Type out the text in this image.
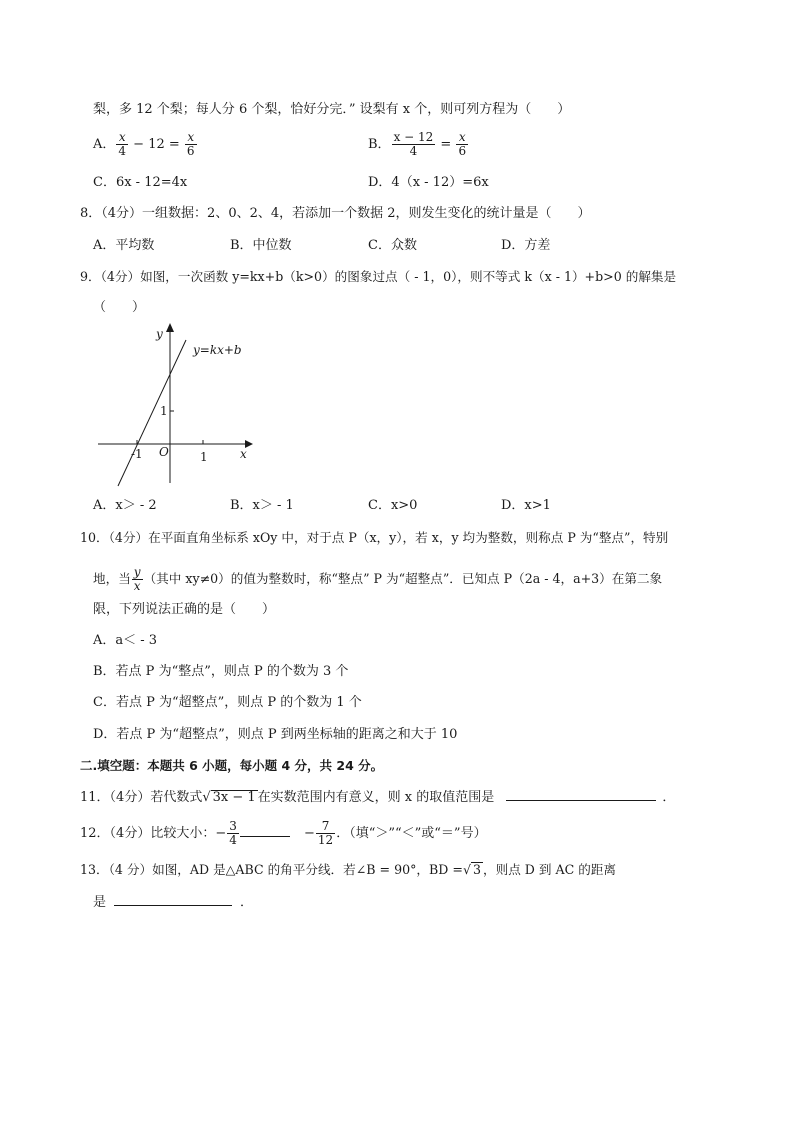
梨，多 12 个梨；每人分 6 个梨，恰好分完．” 设梨有 x 个，则可列方程为（　　）
A． $\frac{x}{4} - 12 = \frac{x}{6}$	B． $\frac{x - 12}{4} = \frac{x}{6}$
C．6x - 12=4x	D．4（x - 12）=6x
8．（4分）一组数据：2、0、2、4，若添加一个数据 2，则发生变化的统计量是（　　）
A．平均数	B．中位数	C．众数	D．方差
9．（4分）如图，一次函数 y=kx+b（k>0）的图象过点（ - 1，0），则不等式 k（x - 1）+b>0 的解集是
（　　）
y=kx+b
y
x
O	1
-1
1
A．x＞ - 2	B．x＞ - 1	C．x>0	D．x>1
10．（4分）在平面直角坐标系 xOy 中，对于点 P（x，y），若 x，y 均为整数，则称点 P 为“整点”，特别
地，当 $\frac{y}{x}$ （其中 xy≠0）的值为整数时，称“整点” P 为“超整点”．已知点 P（2a - 4，a+3）在第二象
限，下列说法正确的是（　　）
A．a＜ - 3
B．若点 P 为“整点”，则点 P 的个数为 3 个
C．若点 P 为“超整点”，则点 P 的个数为 1 个
D．若点 P 为“超整点”，则点 P 到两坐标轴的距离之和大于 10
二.填空题：本题共 6 小题，每小题 4 分，共 24 分。
11．（4分）若代数式√ 3x − 1 在实数范围内有意义，则 x 的取值范围是	．
12．（4分）比较大小：− $\frac{3}{4}$	− $\frac{7}{12}$ ．（填“＞”“＜”或“＝”号）
13．（4 分）如图，AD 是△ABC 的角平分线．若∠B = 90°，BD =√ 3 ，则点 D 到 AC 的距离
是	．
